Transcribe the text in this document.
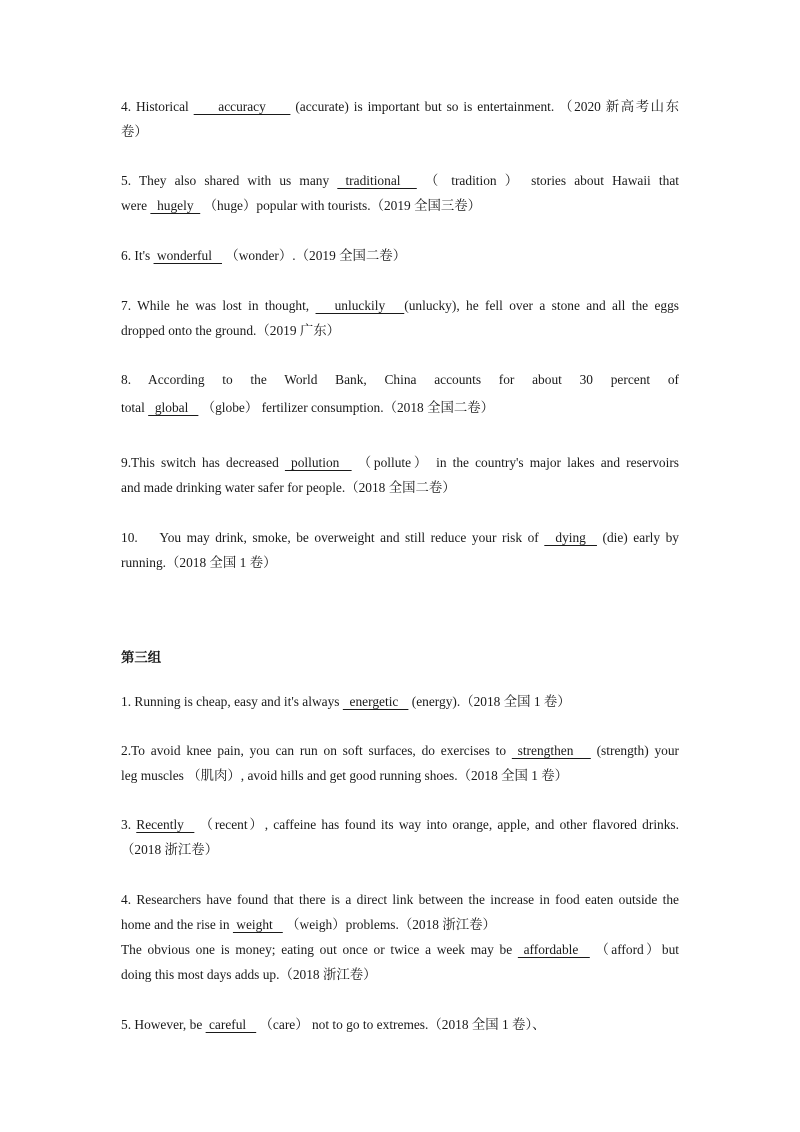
4. Historical      accuracy      (accurate) is important but so is entertainment. （2020 新高考山东
卷）

5. They also shared with us many  traditional   （ tradition ） stories about Hawaii that
were   hugely   （huge）popular with tourists.（2019 全国三卷）

6. It's  wonderful    （wonder）.（2019 全国二卷）

7. While he was lost in thought,    unluckily   (unlucky), he fell over a stone and all the eggs
dropped onto the ground.（2019 广东）

8. According to the World Bank, China accounts for about 30 percent of
total   global    （globe） fertilizer consumption.（2018 全国二卷）

9.This switch has decreased  pollution   （pollute） in the country's major lakes and reservoirs
and made drinking water safer for people.（2018 全国二卷）

10.    You may drink, smoke, be overweight and still reduce your risk of   dying   (die) early by
running.（2018 全国 1 卷）

第三组

1. Running is cheap, easy and it's always   energetic    (energy).（2018 全国 1 卷）

2.To avoid knee pain, you can run on soft surfaces, do exercises to  strengthen    (strength) your
leg muscles （肌肉）, avoid hills and get good running shoes.（2018 全国 1 卷）

3. Recently   （recent）, caffeine has found its way into orange, apple, and other flavored drinks.
（2018 浙江卷）

4. Researchers have found that there is a direct link between the increase in food eaten outside the
home and the rise in  weight    （weigh）problems.（2018 浙江卷）

The obvious one is money; eating out once or twice a week may be  affordable   （afford）but
doing this most days adds up.（2018 浙江卷）

5. However, be  careful    （care） not to go to extremes.（2018 全国 1 卷）、
